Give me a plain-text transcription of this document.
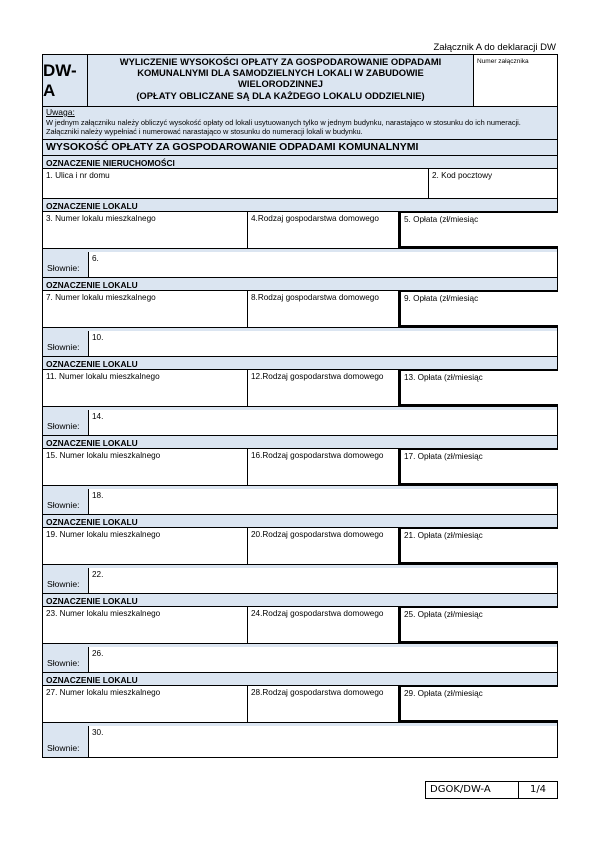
Załącznik A do deklaracji DW
DW-A
WYLICZENIE WYSOKOŚCI OPŁATY ZA GOSPODAROWANIE ODPADAMI
KOMUNALNYMI DLA SAMODZIELNYCH LOKALI W ZABUDOWIE
WIELORODZINNEJ
(OPŁATY OBLICZANE SĄ DLA KAŻDEGO LOKALU ODDZIELNIE)
Numer załącznika
Uwaga:
W jednym załączniku należy obliczyć wysokość opłaty od lokali usytuowanych tylko w jednym budynku, narastająco w stosunku do ich numeracji. Załączniki należy wypełniać i numerować narastająco w stosunku do numeracji lokali w budynku.
WYSOKOŚĆ OPŁATY ZA GOSPODAROWANIE ODPADAMI KOMUNALNYMI
OZNACZENIE NIERUCHOMOŚCI
1. Ulica i nr domu	2. Kod pocztowy
OZNACZENIE LOKALU
3. Numer lokalu mieszkalnego	4.Rodzaj gospodarstwa domowego	5. Opłata (zł/miesiąc
Słownie:
6.
OZNACZENIE LOKALU
7. Numer lokalu mieszkalnego	8.Rodzaj gospodarstwa domowego	9. Opłata (zł/miesiąc
Słownie:
10.
OZNACZENIE LOKALU
11. Numer lokalu mieszkalnego	12.Rodzaj gospodarstwa domowego	13. Opłata (zł/miesiąc
Słownie:
14.
OZNACZENIE LOKALU
15. Numer lokalu mieszkalnego	16.Rodzaj gospodarstwa domowego	17. Opłata (zł/miesiąc
Słownie:
18.
OZNACZENIE LOKALU
19. Numer lokalu mieszkalnego	20.Rodzaj gospodarstwa domowego	21. Opłata (zł/miesiąc
Słownie:
22.
OZNACZENIE LOKALU
23. Numer lokalu mieszkalnego	24.Rodzaj gospodarstwa domowego	25. Opłata (zł/miesiąc
Słownie:
26.
OZNACZENIE LOKALU
27. Numer lokalu mieszkalnego	28.Rodzaj gospodarstwa domowego	29. Opłata (zł/miesiąc
Słownie:
30.
DGOK/DW-A	1/4
